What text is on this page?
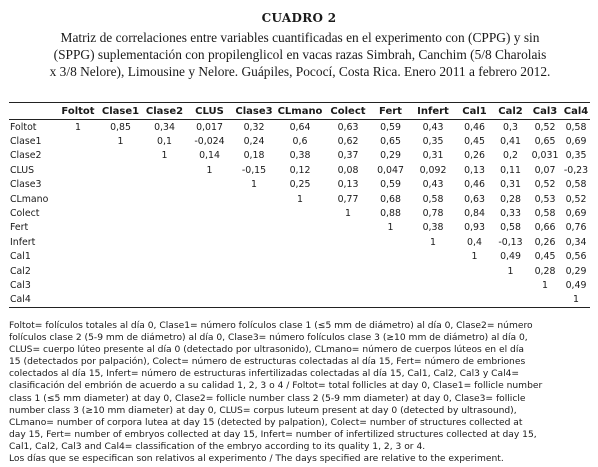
CUADRO 2
Matriz de correlaciones entre variables cuantificadas en el experimento con (CPPG) y sin
(SPPG) suplementación con propilenglicol en vacas razas Simbrah, Canchim (5/8 Charolais
x 3/8 Nelore), Limousine y Nelore. Guápiles, Pococí, Costa Rica. Enero 2011 a febrero 2012.
	Foltot	Clase1	Clase2	CLUS	Clase3	CLmano	Colect	Fert	Infert	Cal1	Cal2	Cal3	Cal4
Foltot	1	0,85	0,34	0,017	0,32	0,64	0,63	0,59	0,43	0,46	0,3	0,52	0,58
Clase1		1	0,1	-0,024	0,24	0,6	0,62	0,65	0,35	0,45	0,41	0,65	0,69
Clase2			1	0,14	0,18	0,38	0,37	0,29	0,31	0,26	0,2	0,031	0,35
CLUS				1	-0,15	0,12	0,08	0,047	0,092	0,13	0,11	0,07	-0,23
Clase3					1	0,25	0,13	0,59	0,43	0,46	0,31	0,52	0,58
CLmano						1	0,77	0,68	0,58	0,63	0,28	0,53	0,52
Colect							1	0,88	0,78	0,84	0,33	0,58	0,69
Fert								1	0,38	0,93	0,58	0,66	0,76
Infert									1	0,4	-0,13	0,26	0,34
Cal1										1	0,49	0,45	0,56
Cal2											1	0,28	0,29
Cal3												1	0,49
Cal4													1
Foltot= folículos totales al día 0, Clase1= número folículos clase 1 (≤5 mm de diámetro) al día 0, Clase2= número
folículos clase 2 (5-9 mm de diámetro) al día 0, Clase3= número folículos clase 3 (≥10 mm de diámetro) al día 0,
CLUS= cuerpo lúteo presente al día 0 (detectado por ultrasonido), CLmano= número de cuerpos lúteos en el día
15 (detectados por palpación), Colect= número de estructuras colectadas al día 15, Fert= número de embriones
colectados al día 15, Infert= número de estructuras infertilizadas colectadas al día 15, Cal1, Cal2, Cal3 y Cal4=
clasificación del embrión de acuerdo a su calidad 1, 2, 3 o 4 / Foltot= total follicles at day 0, Clase1= follicle number
class 1 (≤5 mm diameter) at day 0, Clase2= follicle number class 2 (5-9 mm diameter) at day 0, Clase3= follicle
number class 3 (≥10 mm diameter) at day 0, CLUS= corpus luteum present at day 0 (detected by ultrasound),
CLmano= number of corpora lutea at day 15 (detected by palpation), Colect= number of structures collected at
day 15, Fert= number of embryos collected at day 15, Infert= number of infertilized structures collected at day 15,
Cal1, Cal2, Cal3 and Cal4= classification of the embryo according to its quality 1, 2, 3 or 4.
Los días que se especifican son relativos al experimento / The days specified are relative to the experiment.
